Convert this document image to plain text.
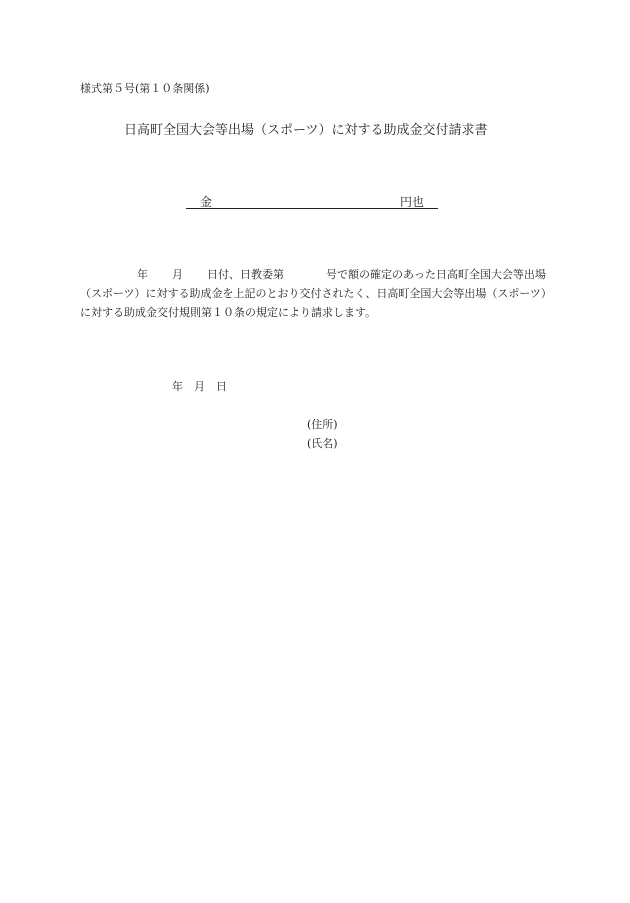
様式第５号(第１０条関係)
日高町全国大会等出場（スポーツ）に対する助成金交付請求書
金	円也
年 月 日付、日教委第	号で額の確定のあった日高町全国大会等出場（スポーツ）に対する助成金を上記のとおり交付されたく、日高町全国大会等出場（スポーツ）に対する助成金交付規則第１０条の規定により請求します。
年　月　日
(住所)
(氏名)
